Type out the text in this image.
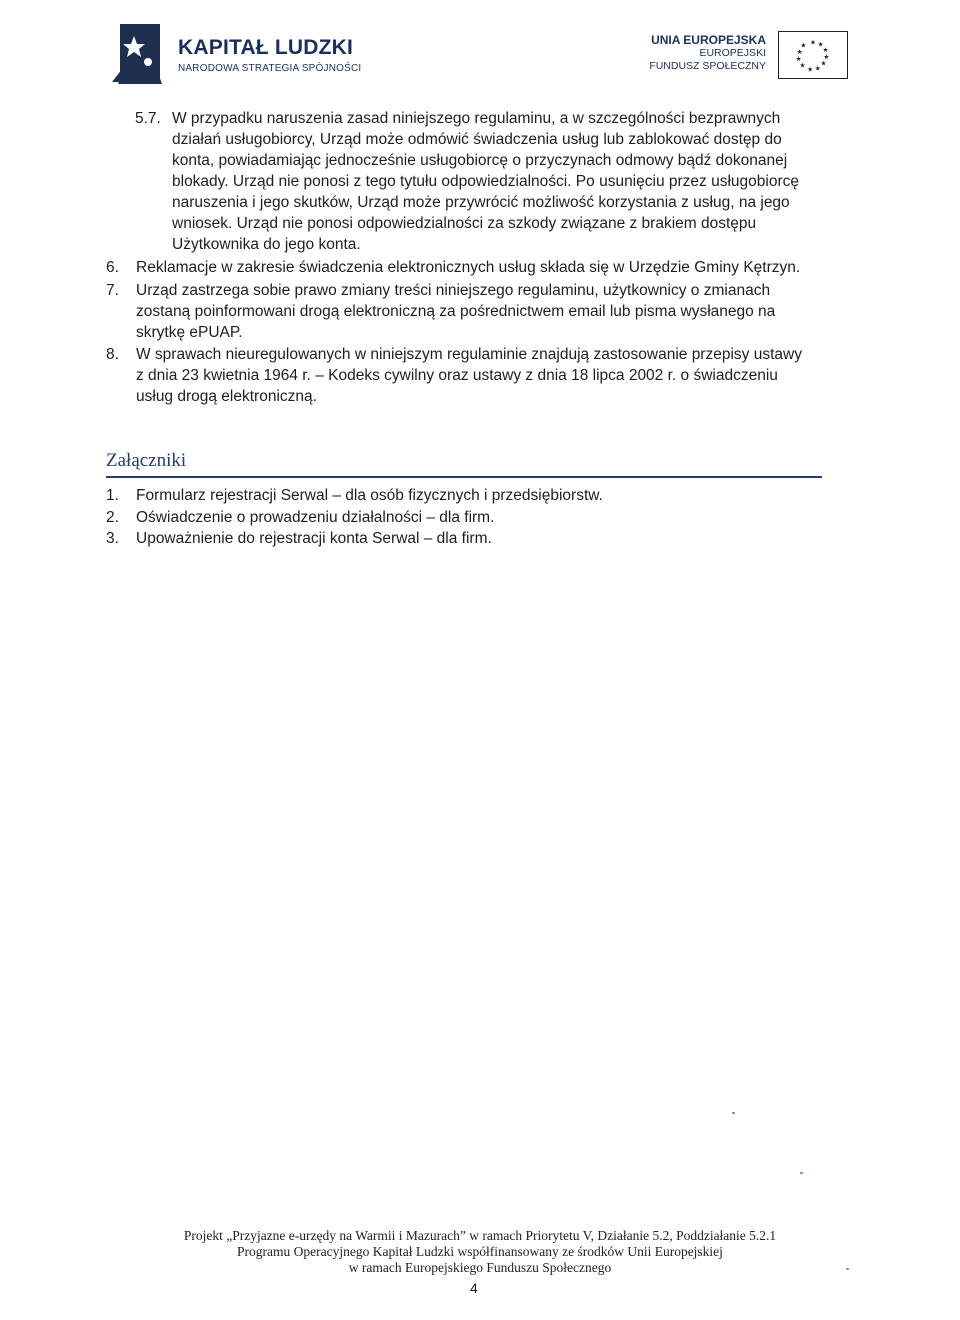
KAPITAŁ LUDZKI
NARODOWA STRATEGIA SPÓJNOŚCI
UNIA EUROPEJSKA
EUROPEJSKI
FUNDUSZ SPOŁECZNY
★ ★
★
★
★
★
★
★
★
★
★
5.7. W przypadku naruszenia zasad niniejszego regulaminu, a w szczególności bezprawnych
działań usługobiorcy, Urząd może odmówić świadczenia usług lub zablokować dostęp do
konta, powiadamiając jednocześnie usługobiorcę o przyczynach odmowy bądź dokonanej
blokady. Urząd nie ponosi z tego tytułu odpowiedzialności. Po usunięciu przez usługobiorcę
naruszenia i jego skutków, Urząd może przywrócić możliwość korzystania z usług, na jego
wniosek. Urząd nie ponosi odpowiedzialności za szkody związane z brakiem dostępu
Użytkownika do jego konta.
6. Reklamacje w zakresie świadczenia elektronicznych usług składa się w Urzędzie Gminy Kętrzyn.
7. Urząd zastrzega sobie prawo zmiany treści niniejszego regulaminu, użytkownicy o zmianach
zostaną poinformowani drogą elektroniczną za pośrednictwem email lub pisma wysłanego na
skrytkę ePUAP.
8. W sprawach nieuregulowanych w niniejszym regulaminie znajdują zastosowanie przepisy ustawy
z dnia 23 kwietnia 1964 r. – Kodeks cywilny oraz ustawy z dnia 18 lipca 2002 r. o świadczeniu
usług drogą elektroniczną.
Załączniki
1. Formularz rejestracji Serwal – dla osób fizycznych i przedsiębiorstw.
2. Oświadczenie o prowadzeniu działalności – dla firm.
3. Upoważnienie do rejestracji konta Serwal – dla firm.
Projekt „Przyjazne e-urzędy na Warmii i Mazurach” w ramach Priorytetu V, Działanie 5.2, Poddziałanie 5.2.1
Programu Operacyjnego Kapitał Ludzki współfinansowany ze środków Unii Europejskiej
w ramach Europejskiego Funduszu Społecznego
4
